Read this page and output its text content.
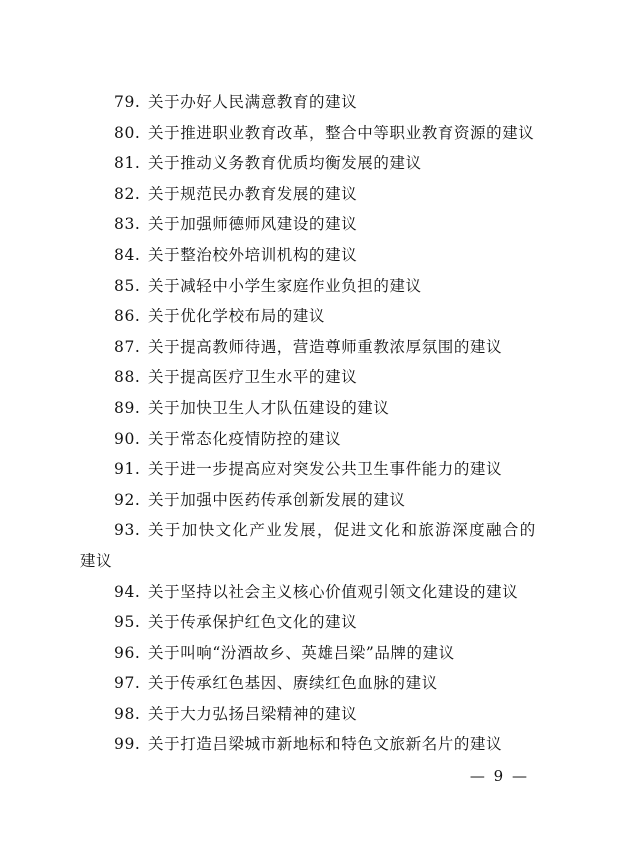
79. 关于办好人民满意教育的建议
80. 关于推进职业教育改革，整合中等职业教育资源的建议
81. 关于推动义务教育优质均衡发展的建议
82. 关于规范民办教育发展的建议
83. 关于加强师德师风建设的建议
84. 关于整治校外培训机构的建议
85. 关于减轻中小学生家庭作业负担的建议
86. 关于优化学校布局的建议
87. 关于提高教师待遇，营造尊师重教浓厚氛围的建议
88. 关于提高医疗卫生水平的建议
89. 关于加快卫生人才队伍建设的建议
90. 关于常态化疫情防控的建议
91. 关于进一步提高应对突发公共卫生事件能力的建议
92. 关于加强中医药传承创新发展的建议
93. 关于加快文化产业发展，促进文化和旅游深度融合的
建议
94. 关于坚持以社会主义核心价值观引领文化建设的建议
95. 关于传承保护红色文化的建议
96. 关于叫响“汾酒故乡、英雄吕梁”品牌的建议
97. 关于传承红色基因、赓续红色血脉的建议
98. 关于大力弘扬吕梁精神的建议
99. 关于打造吕梁城市新地标和特色文旅新名片的建议
— 9 —
